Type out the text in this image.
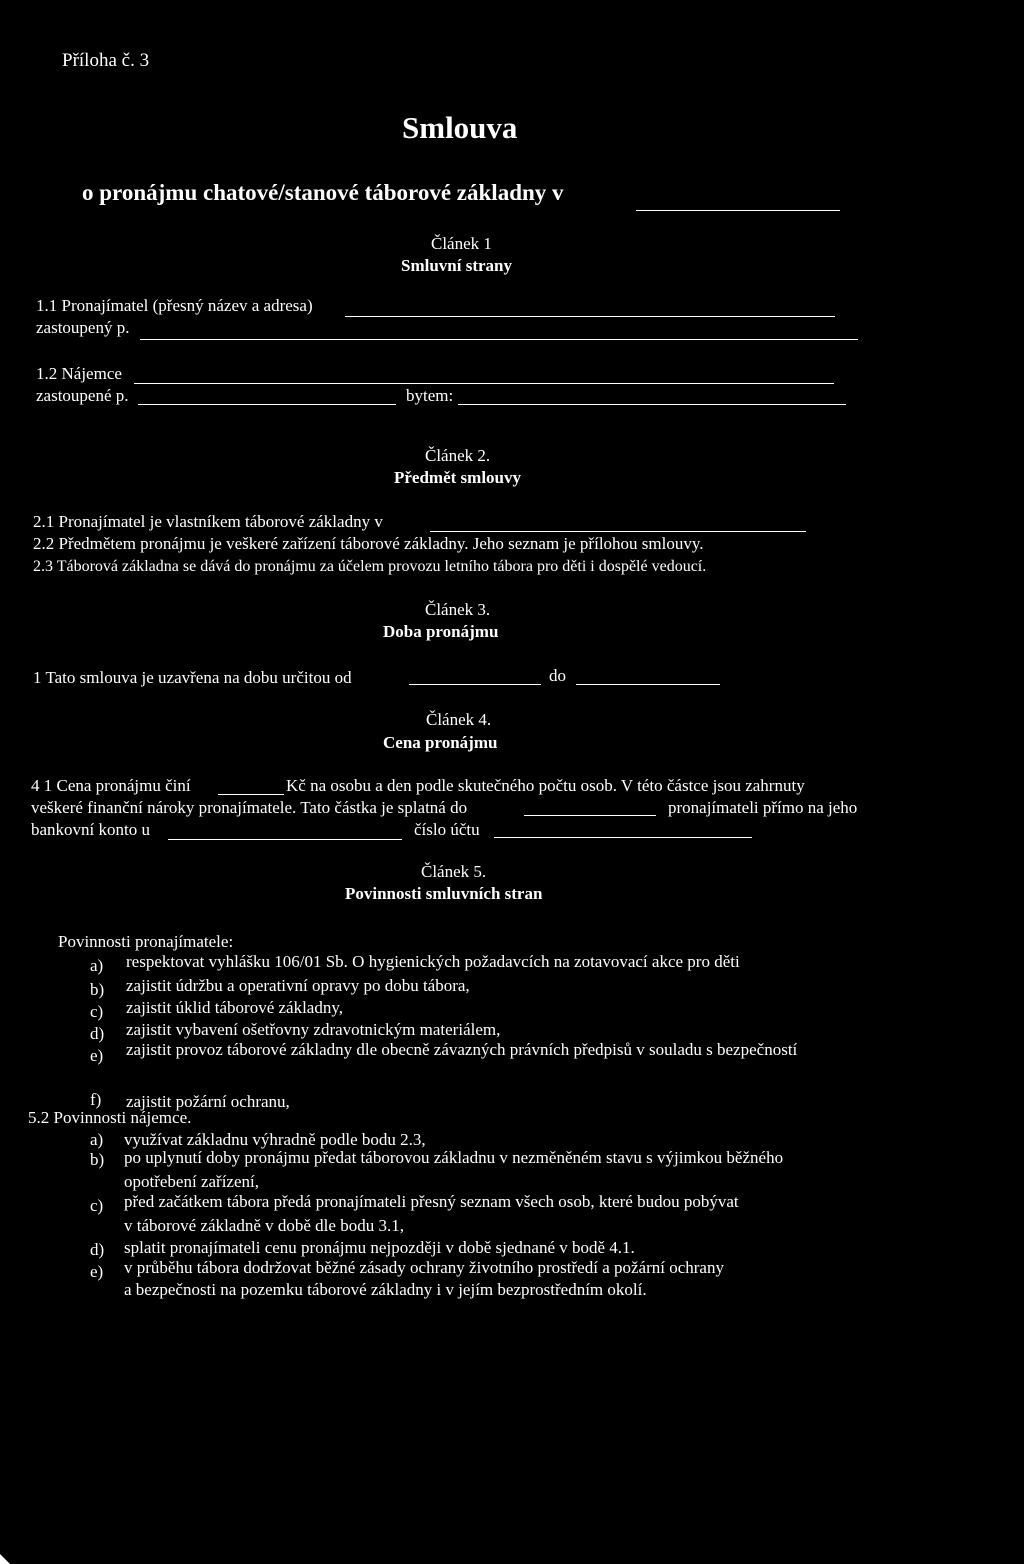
Příloha č. 3
Smlouva
o pronájmu chatové/stanové táborové základny v
Článek 1
Smluvní strany
1.1 Pronajímatel (přesný název a adresa)
zastoupený p.
1.2 Nájemce
zastoupené p.	bytem:
Článek 2.
Předmět smlouvy
2.1 Pronajímatel je vlastníkem táborové základny v
2.2 Předmětem pronájmu je veškeré zařízení táborové základny. Jeho seznam je přílohou smlouvy.
2.3 Táborová základna se dává do pronájmu za účelem provozu letního tábora pro děti i dospělé vedoucí.
Článek 3.
Doba pronájmu
1 Tato smlouva je uzavřena na dobu určitou od	do
Článek 4.
Cena pronájmu
4 1 Cena pronájmu činí	Kč na osobu a den podle skutečného počtu osob. V této částce jsou zahrnuty
veškeré finanční nároky pronajímatele. Tato částka je splatná do	pronajímateli přímo na jeho
bankovní konto u	číslo účtu
Článek 5.
Povinnosti smluvních stran
Povinnosti pronajímatele:
a) respektovat vyhlášku 106/01 Sb. O hygienických požadavcích na zotavovací akce pro děti
b) zajistit údržbu a operativní opravy po dobu tábora,
c) zajistit úklid táborové základny,
d) zajistit vybavení ošetřovny zdravotnickým materiálem,
e) zajistit provoz táborové základny dle obecně závazných právních předpisů v souladu s bezpečností
f) zajistit požární ochranu,
5.2 Povinnosti nájemce.
a) využívat základnu výhradně podle bodu 2.3,
b) po uplynutí doby pronájmu předat táborovou základnu v nezměněném stavu s výjimkou běžného
opotřebení zařízení,
c) před začátkem tábora předá pronajímateli přesný seznam všech osob, které budou pobývat
v táborové základně v době dle bodu 3.1,
d) splatit pronajímateli cenu pronájmu nejpozději v době sjednané v bodě 4.1.
e) v průběhu tábora dodržovat běžné zásady ochrany životního prostředí a požární ochrany
a bezpečnosti na pozemku táborové základny i v jejím bezprostředním okolí.
